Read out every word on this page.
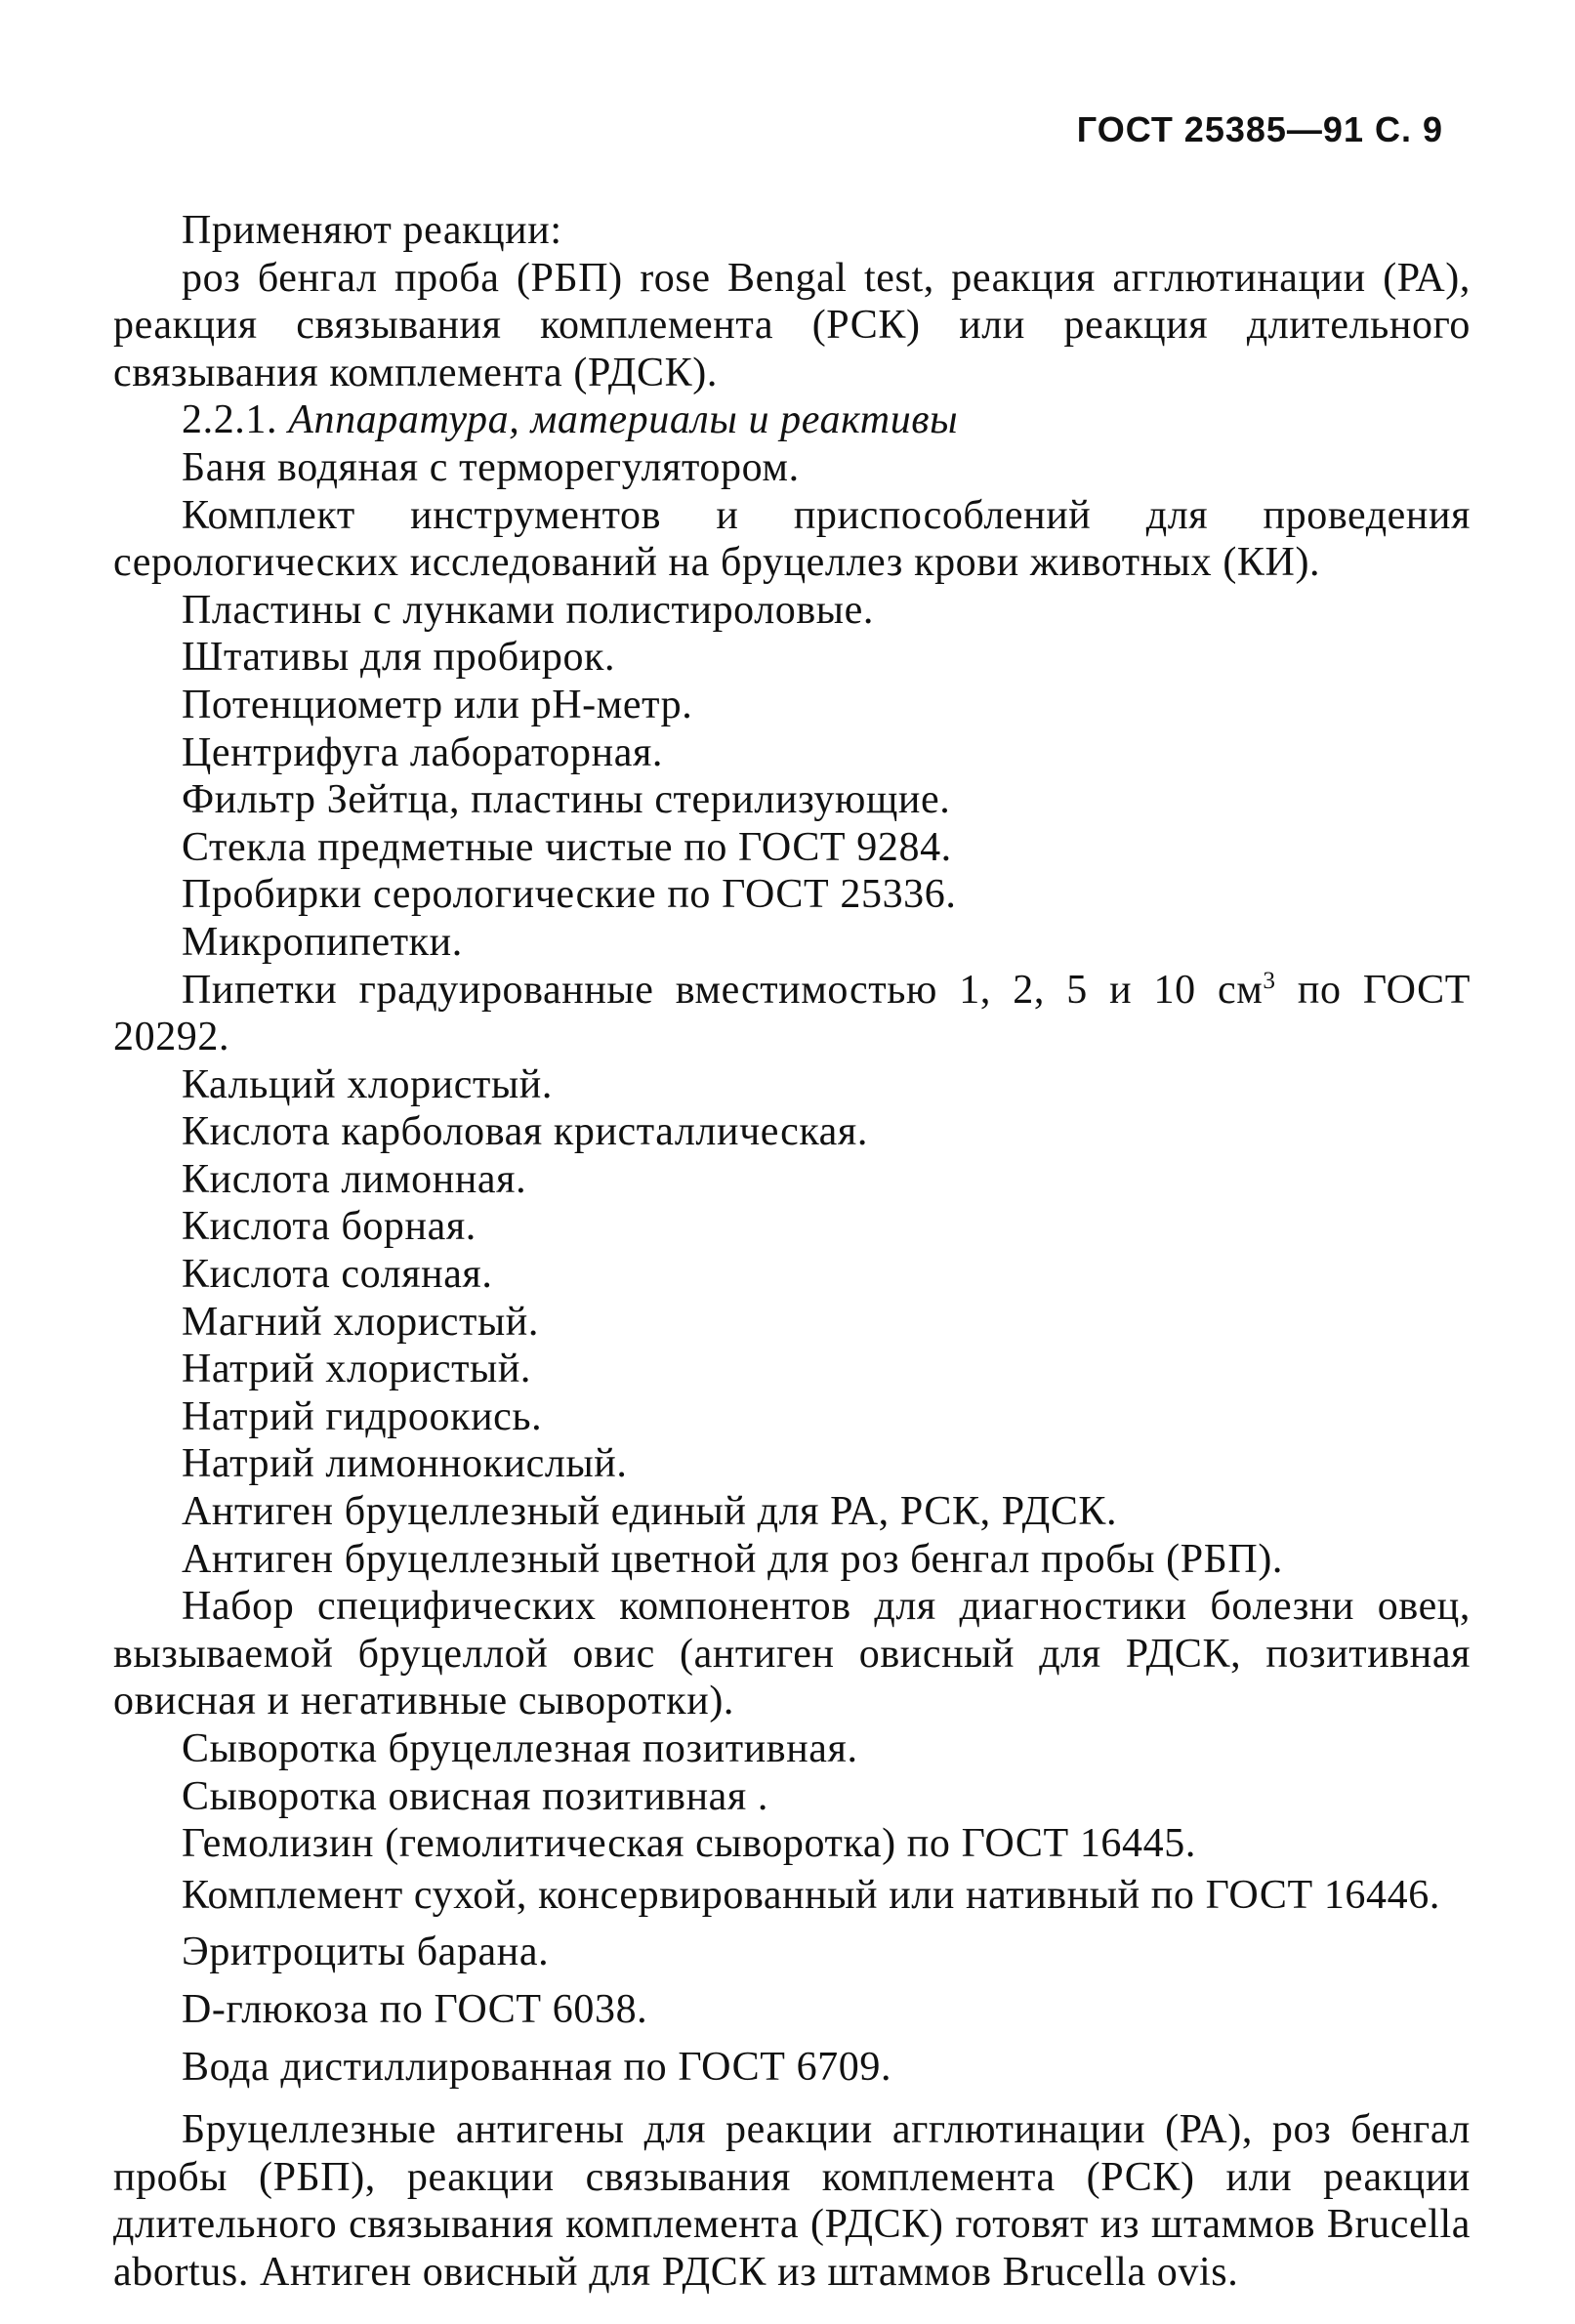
ГОСТ 25385—91 С. 9

Применяют реакции:

роз бенгал проба (РБП) rose Bengal test, реакция агглютинации (РА), реакция связывания комплемента (РСК) или реакция длительного связывания комплемента (РДСК).

2.2.1. Аппаратура, материалы и реактивы

Баня водяная с терморегулятором.

Комплект инструментов и приспособлений для проведения серологических исследований на бруцеллез крови животных (КИ).

Пластины с лунками полистироловые.

Штативы для пробирок.

Потенциометр или pH-метр.

Центрифуга лабораторная.

Фильтр Зейтца, пластины стерилизующие.

Стекла предметные чистые по ГОСТ 9284.

Пробирки серологические по ГОСТ 25336.

Микропипетки.

Пипетки градуированные вместимостью 1, 2, 5 и 10 $см^3$ по ГОСТ 20292.

Кальций хлористый.

Кислота карболовая кристаллическая.

Кислота лимонная.

Кислота борная.

Кислота соляная.

Магний хлористый.

Натрий хлористый.

Натрий гидроокись.

Натрий лимоннокислый.

Антиген бруцеллезный единый для РА, РСК, РДСК.

Антиген бруцеллезный цветной для роз бенгал пробы (РБП).

Набор специфических компонентов для диагностики болезни овец, вызываемой бруцеллой овис (антиген овисный для РДСК, позитивная овисная и негативные сыворотки).

Сыворотка бруцеллезная позитивная.

Сыворотка овисная позитивная .

Гемолизин (гемолитическая сыворотка) по ГОСТ 16445.

Комплемент сухой, консервированный или нативный по ГОСТ 16446.

Эритроциты барана.

D-глюкоза по ГОСТ 6038.

Вода дистиллированная по ГОСТ 6709.

Бруцеллезные антигены для реакции агглютинации (РА), роз бенгал пробы (РБП), реакции связывания комплемента (РСК) или реакции длительного связывания комплемента (РДСК) готовят из штаммов Brucella abortus. Антиген овисный для РДСК из штаммов Brucella ovis.
